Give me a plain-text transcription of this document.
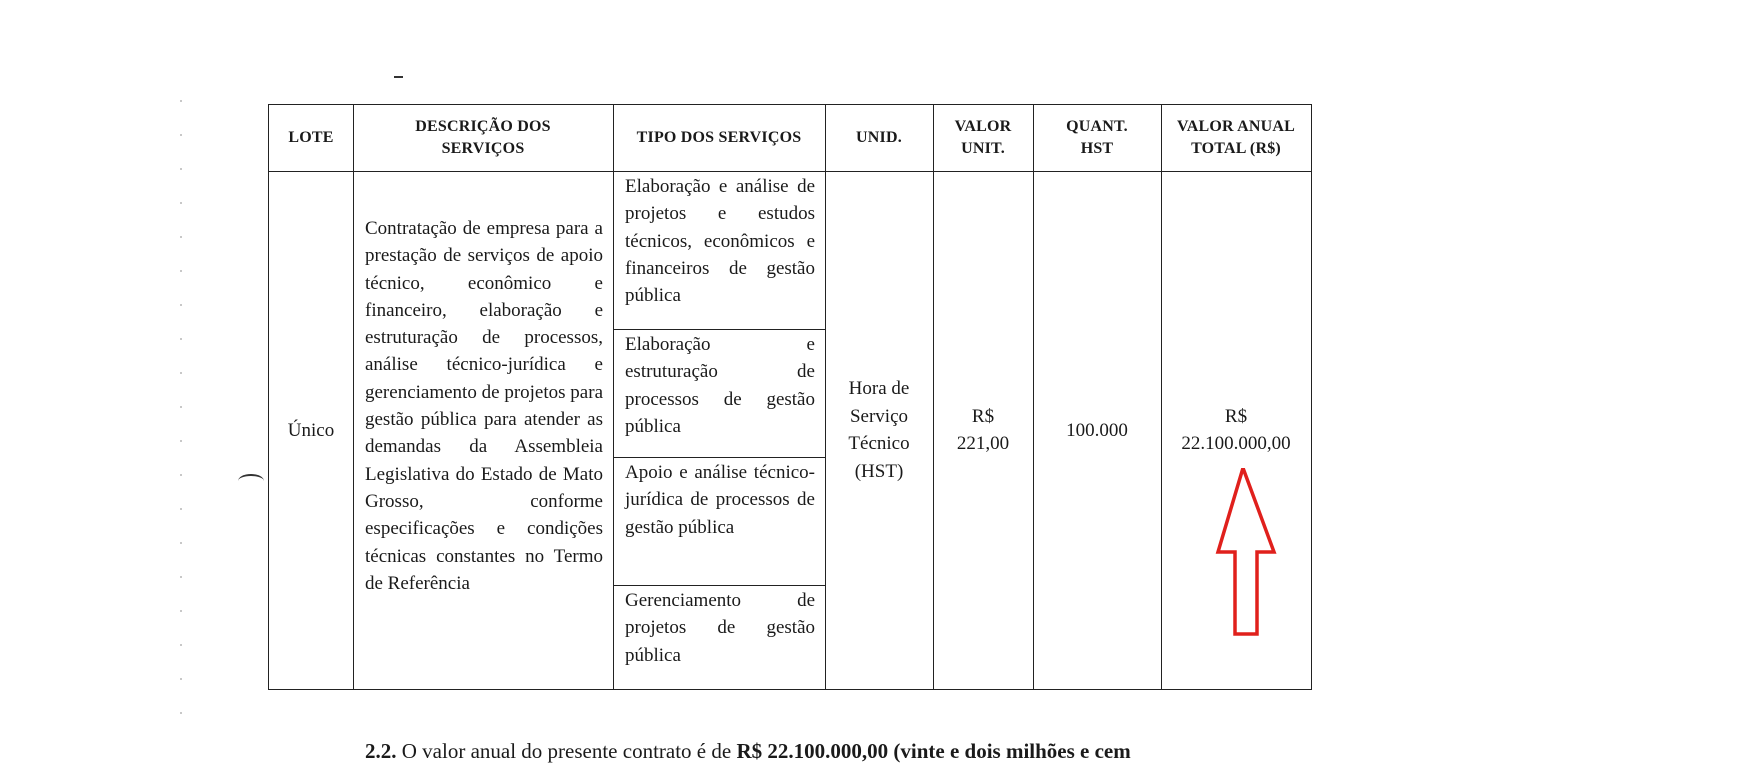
LOTE
DESCRIÇÃO DOS
SERVIÇOS
TIPO DOS SERVIÇOS	UNID.
VALOR
UNIT.
QUANT.
HST
VALOR ANUAL
TOTAL (R$)
Único
Contratação de empresa para a prestação de serviços de apoio técnico, econômico e financeiro, elaboração e estruturação de processos, análise técnico-jurídica e gerenciamento de projetos para gestão pública para atender as demandas da Assembleia Legislativa do Estado de Mato Grosso, conforme especificações e condições técnicas constantes no Termo de Referência
Elaboração e análise de projetos e estudos técnicos, econômicos e financeiros de gestão pública
Elaboração e estruturação de processos de gestão pública
Apoio e análise técnico-jurídica de processos de gestão pública
Gerenciamento de projetos de gestão pública
Hora de
Serviço
Técnico
(HST)
R$
221,00
100.000
R$
22.100.000,00
2.2. O valor anual do presente contrato é de R$ 22.100.000,00 (vinte e dois milhões e cem
